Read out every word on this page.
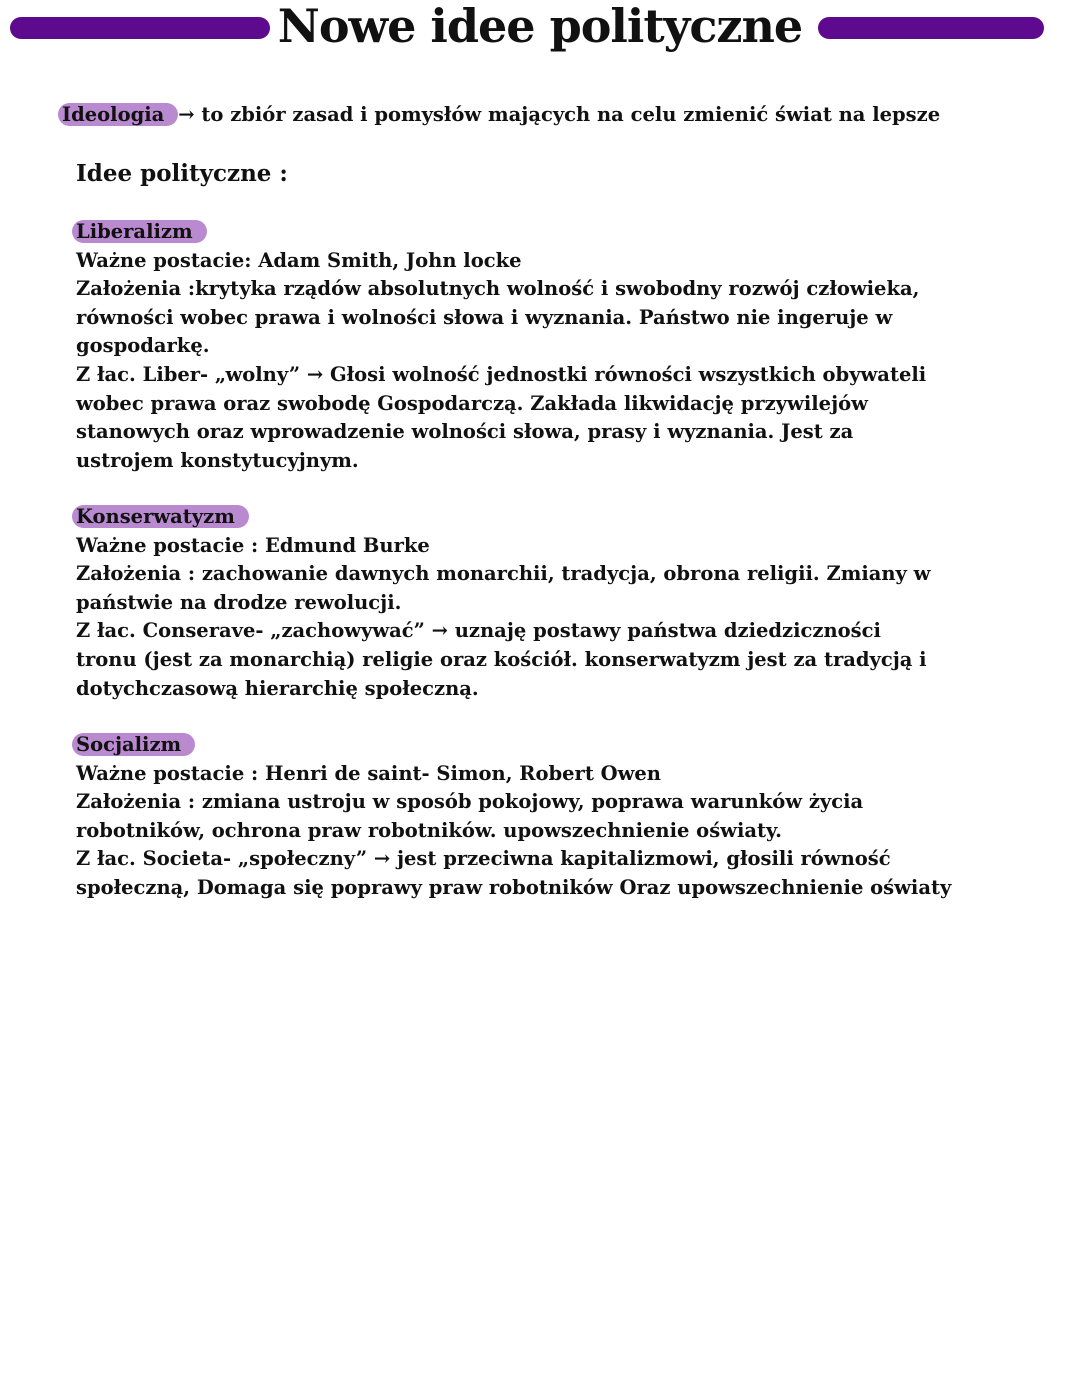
Nowe idee polityczne
Ideologia → to zbiór zasad i pomysłów mających na celu zmienić świat na lepsze
Idee polityczne :
Liberalizm
Ważne postacie: Adam Smith, John locke
Założenia :krytyka rządów absolutnych wolność i swobodny rozwój człowieka,
równości wobec prawa i wolności słowa i wyznania. Państwo nie ingeruje w
gospodarkę.
Z łac. Liber- „wolny” → Głosi wolność jednostki równości wszystkich obywateli
wobec prawa oraz swobodę Gospodarczą. Zakłada likwidację przywilejów
stanowych oraz wprowadzenie wolności słowa, prasy i wyznania. Jest za
ustrojem konstytucyjnym.
Konserwatyzm
Ważne postacie : Edmund Burke
Założenia : zachowanie dawnych monarchii, tradycja, obrona religii. Zmiany w
państwie na drodze rewolucji.
Z łac. Conserave- „zachowywać” → uznaję postawy państwa dziedziczności
tronu (jest za monarchią) religie oraz kościół. konserwatyzm jest za tradycją i
dotychczasową hierarchię społeczną.
Socjalizm
Ważne postacie : Henri de saint- Simon, Robert Owen
Założenia : zmiana ustroju w sposób pokojowy, poprawa warunków życia
robotników, ochrona praw robotników. upowszechnienie oświaty.
Z łac. Societa- „społeczny” → jest przeciwna kapitalizmowi, głosili równość
społeczną, Domaga się poprawy praw robotników Oraz upowszechnienie oświaty
